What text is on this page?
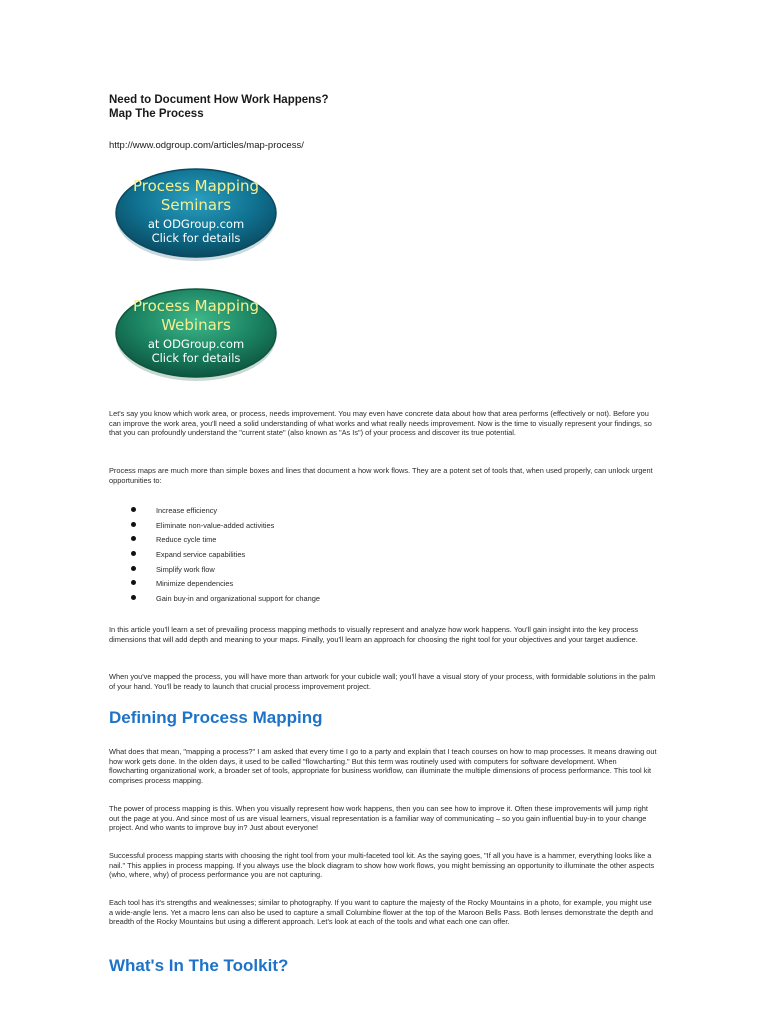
Need to Document How Work Happens?
Map The Process
http://www.odgroup.com/articles/map-process/
Process Mapping
Seminars
at ODGroup.com
Click for details
Process Mapping
Webinars
at ODGroup.com
Click for details

Let's say you know which work area, or process, needs improvement. You may even have concrete data about how that area performs (effectively or not). Before you can improve the work area, you'll need a solid understanding of what works and what really needs improvement. Now is the time to visually represent your findings, so that you can profoundly understand the "current state" (also known as "As Is") of your process and discover its true potential.

Process maps are much more than simple boxes and lines that document a how work flows. They are a potent set of tools that, when used properly, can unlock urgent opportunities to:

Increase efficiency
Eliminate non-value-added activities
Reduce cycle time
Expand service capabilities
Simplify work flow
Minimize dependencies
Gain buy-in and organizational support for change

In this article you'll learn a set of prevailing process mapping methods to visually represent and analyze how work happens. You'll gain insight into the key process dimensions that will add depth and meaning to your maps. Finally, you'll learn an approach for choosing the right tool for your objectives and your target audience.

When you've mapped the process, you will have more than artwork for your cubicle wall; you'll have a visual story of your process, with formidable solutions in the palm of your hand. You'll be ready to launch that crucial process improvement project.

Defining Process Mapping

What does that mean, "mapping a process?" I am asked that every time I go to a party and explain that I teach courses on how to map processes. It means drawing out how work gets done. In the olden days, it used to be called "flowcharting." But this term was routinely used with computers for software development. When flowcharting organizational work, a broader set of tools, appropriate for business workflow, can illuminate the multiple dimensions of process performance. This tool kit comprises process mapping.

The power of process mapping is this. When you visually represent how work happens, then you can see how to improve it. Often these improvements will jump right out the page at you. And since most of us are visual learners, visual representation is a familiar way of communicating – so you gain influential buy-in to your change project. And who wants to improve buy in? Just about everyone!

Successful process mapping starts with choosing the right tool from your multi-faceted tool kit. As the saying goes, "If all you have is a hammer, everything looks like a nail." This applies in process mapping. If you always use the block diagram to show how work flows, you might bemissing an opportunity to illuminate the other aspects (who, where, why) of process performance you are not capturing.

Each tool has it's strengths and weaknesses; similar to photography. If you want to capture the majesty of the Rocky Mountains in a photo, for example, you might use a wide-angle lens. Yet a macro lens can also be used to capture a small Columbine flower at the top of the Maroon Bells Pass. Both lenses demonstrate the depth and breadth of the Rocky Mountains but using a different approach. Let's look at each of the tools and what each one can offer.

What's In The Toolkit?
